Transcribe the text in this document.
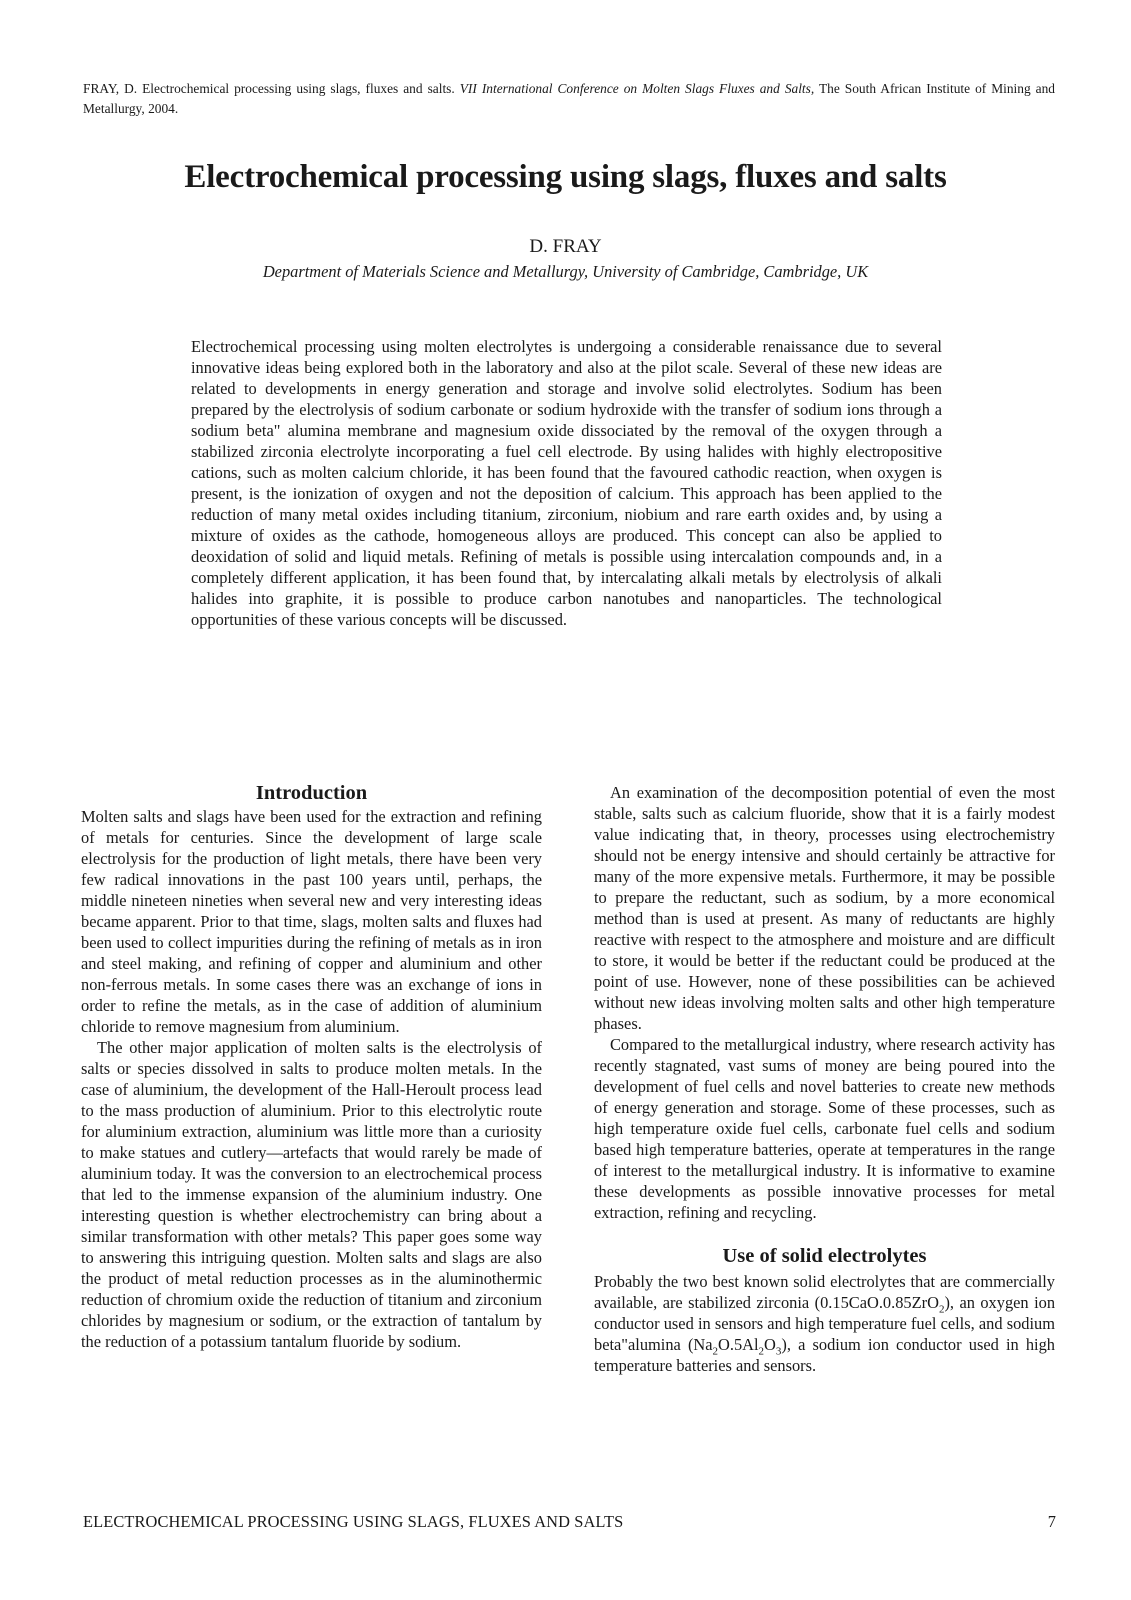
FRAY, D. Electrochemical processing using slags, fluxes and salts. VII International Conference on Molten Slags Fluxes and Salts, The South African Institute of Mining and Metallurgy, 2004.
Electrochemical processing using slags, fluxes and salts
D. FRAY
Department of Materials Science and Metallurgy, University of Cambridge, Cambridge, UK
Electrochemical processing using molten electrolytes is undergoing a considerable renaissance due to several innovative ideas being explored both in the laboratory and also at the pilot scale. Several of these new ideas are related to developments in energy generation and storage and involve solid electrolytes. Sodium has been prepared by the electrolysis of sodium carbonate or sodium hydroxide with the transfer of sodium ions through a sodium beta" alumina membrane and magnesium oxide dissociated by the removal of the oxygen through a stabilized zirconia electrolyte incorporating a fuel cell electrode. By using halides with highly electropositive cations, such as molten calcium chloride, it has been found that the favoured cathodic reaction, when oxygen is present, is the ionization of oxygen and not the deposition of calcium. This approach has been applied to the reduction of many metal oxides including titanium, zirconium, niobium and rare earth oxides and, by using a mixture of oxides as the cathode, homogeneous alloys are produced. This concept can also be applied to deoxidation of solid and liquid metals. Refining of metals is possible using intercalation compounds and, in a completely different application, it has been found that, by intercalating alkali metals by electrolysis of alkali halides into graphite, it is possible to produce carbon nanotubes and nanoparticles. The technological opportunities of these various concepts will be discussed.
Introduction

Molten salts and slags have been used for the extraction and refining of metals for centuries. Since the development of large scale electrolysis for the production of light metals, there have been very few radical innovations in the past 100 years until, perhaps, the middle nineteen nineties when several new and very interesting ideas became apparent. Prior to that time, slags, molten salts and fluxes had been used to collect impurities during the refining of metals as in iron and steel making, and refining of copper and aluminium and other non-ferrous metals. In some cases there was an exchange of ions in order to refine the metals, as in the case of addition of aluminium chloride to remove magnesium from aluminium.

The other major application of molten salts is the electrolysis of salts or species dissolved in salts to produce molten metals. In the case of aluminium, the development of the Hall-Heroult process lead to the mass production of aluminium. Prior to this electrolytic route for aluminium extraction, aluminium was little more than a curiosity to make statues and cutlery—artefacts that would rarely be made of aluminium today. It was the conversion to an electrochemical process that led to the immense expansion of the aluminium industry. One interesting question is whether electrochemistry can bring about a similar transformation with other metals? This paper goes some way to answering this intriguing question. Molten salts and slags are also the product of metal reduction processes as in the aluminothermic reduction of chromium oxide the reduction of titanium and zirconium chlorides by magnesium or sodium, or the extraction of tantalum by the reduction of a potassium tantalum fluoride by sodium.

An examination of the decomposition potential of even the most stable, salts such as calcium fluoride, show that it is a fairly modest value indicating that, in theory, processes using electrochemistry should not be energy intensive and should certainly be attractive for many of the more expensive metals. Furthermore, it may be possible to prepare the reductant, such as sodium, by a more economical method than is used at present. As many of reductants are highly reactive with respect to the atmosphere and moisture and are difficult to store, it would be better if the reductant could be produced at the point of use. However, none of these possibilities can be achieved without new ideas involving molten salts and other high temperature phases.

Compared to the metallurgical industry, where research activity has recently stagnated, vast sums of money are being poured into the development of fuel cells and novel batteries to create new methods of energy generation and storage. Some of these processes, such as high temperature oxide fuel cells, carbonate fuel cells and sodium based high temperature batteries, operate at temperatures in the range of interest to the metallurgical industry. It is informative to examine these developments as possible innovative processes for metal extraction, refining and recycling.

Use of solid electrolytes

Probably the two best known solid electrolytes that are commercially available, are stabilized zirconia (0.15CaO.0.85ZrO$_2$), an oxygen ion conductor used in sensors and high temperature fuel cells, and sodium beta"alumina $(Na_2O.5Al_2O_3)$, a sodium ion conductor used in high temperature batteries and sensors.

ELECTROCHEMICAL PROCESSING USING SLAGS, FLUXES AND SALTS	7
